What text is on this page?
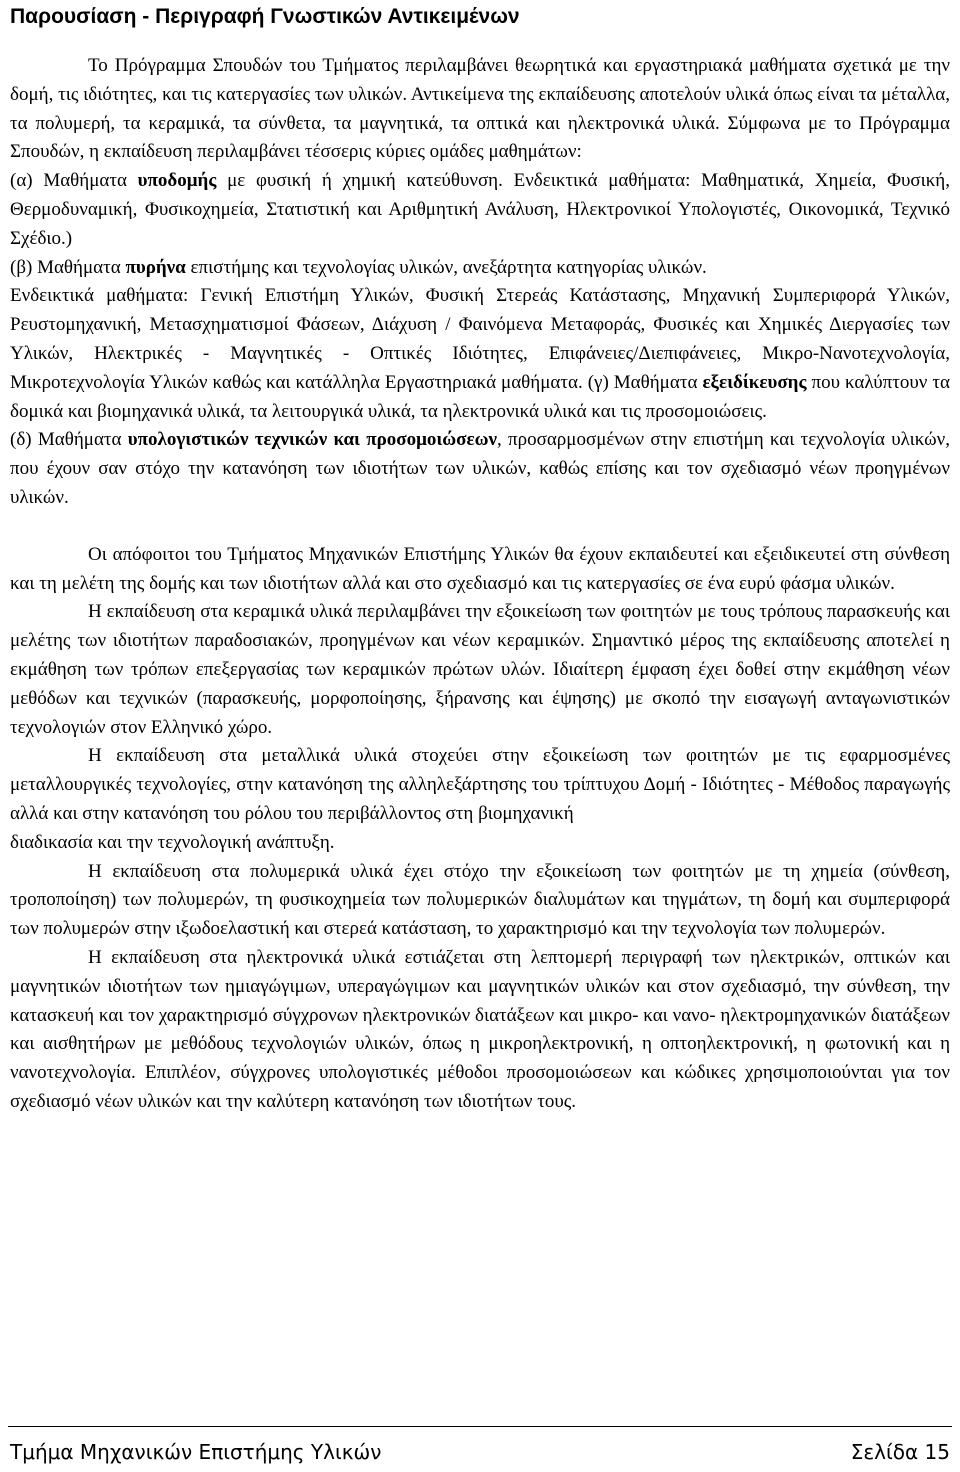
Παρουσίαση - Περιγραφή Γνωστικών Αντικειμένων

Το Πρόγραμμα Σπουδών του Τμήματος περιλαμβάνει θεωρητικά και εργαστηριακά μαθήματα σχετικά με την δομή, τις ιδιότητες, και τις κατεργασίες των υλικών. Αντικείμενα της εκπαίδευσης αποτελούν υλικά όπως είναι τα μέταλλα, τα πολυμερή, τα κεραμικά, τα σύνθετα, τα μαγνητικά, τα οπτικά και ηλεκτρονικά υλικά. Σύμφωνα με το Πρόγραμμα Σπουδών, η εκπαίδευση περιλαμβάνει τέσσερις κύριες ομάδες μαθημάτων:

(α) Μαθήματα υποδομής με φυσική ή χημική κατεύθυνση. Ενδεικτικά μαθήματα: Μαθηματικά, Χημεία, Φυσική, Θερμοδυναμική, Φυσικοχημεία, Στατιστική και Αριθμητική Ανάλυση, Ηλεκτρονικοί Υπολογιστές, Οικονομικά, Τεχνικό Σχέδιο.)

(β) Μαθήματα πυρήνα επιστήμης και τεχνολογίας υλικών, ανεξάρτητα κατηγορίας υλικών.

Ενδεικτικά μαθήματα: Γενική Επιστήμη Υλικών, Φυσική Στερεάς Κατάστασης, Μηχανική Συμπεριφορά Υλικών, Ρευστομηχανική, Μετασχηματισμοί Φάσεων, Διάχυση / Φαινόμενα Μεταφοράς, Φυσικές και Χημικές Διεργασίες των Υλικών, Ηλεκτρικές - Μαγνητικές - Οπτικές Ιδιότητες, Επιφάνειες/Διεπιφάνειες, Μικρο-Νανοτεχνολογία, Μικροτεχνολογία Υλικών καθώς και κατάλληλα Εργαστηριακά μαθήματα. (γ) Μαθήματα εξειδίκευσης που καλύπτουν τα δομικά και βιομηχανικά υλικά, τα λειτουργικά υλικά, τα ηλεκτρονικά υλικά και τις προσομοιώσεις.

(δ) Μαθήματα υπολογιστικών τεχνικών και προσομοιώσεων, προσαρμοσμένων στην επιστήμη και τεχνολογία υλικών, που έχουν σαν στόχο την κατανόηση των ιδιοτήτων των υλικών, καθώς επίσης και τον σχεδιασμό νέων προηγμένων υλικών.

Οι απόφοιτοι του Τμήματος Μηχανικών Επιστήμης Υλικών θα έχουν εκπαιδευτεί και εξειδικευτεί στη σύνθεση και τη μελέτη της δομής και των ιδιοτήτων αλλά και στο σχεδιασμό και τις κατεργασίες σε ένα ευρύ φάσμα υλικών.

Η εκπαίδευση στα κεραμικά υλικά περιλαμβάνει την εξοικείωση των φοιτητών με τους τρόπους παρασκευής και μελέτης των ιδιοτήτων παραδοσιακών, προηγμένων και νέων κεραμικών. Σημαντικό μέρος της εκπαίδευσης αποτελεί η εκμάθηση των τρόπων επεξεργασίας των κεραμικών πρώτων υλών. Ιδιαίτερη έμφαση έχει δοθεί στην εκμάθηση νέων μεθόδων και τεχνικών (παρασκευής, μορφοποίησης, ξήρανσης και έψησης) με σκοπό την εισαγωγή ανταγωνιστικών τεχνολογιών στον Ελληνικό χώρο.

Η εκπαίδευση στα μεταλλικά υλικά στοχεύει στην εξοικείωση των φοιτητών με τις εφαρμοσμένες μεταλλουργικές τεχνολογίες, στην κατανόηση της αλληλεξάρτησης του τρίπτυχου Δομή - Ιδιότητες - Μέθοδος παραγωγής αλλά και στην κατανόηση του ρόλου του περιβάλλοντος στη βιομηχανική

διαδικασία και την τεχνολογική ανάπτυξη.

Η εκπαίδευση στα πολυμερικά υλικά έχει στόχο την εξοικείωση των φοιτητών με τη χημεία (σύνθεση, τροποποίηση) των πολυμερών, τη φυσικοχημεία των πολυμερικών διαλυμάτων και τηγμάτων, τη δομή και συμπεριφορά των πολυμερών στην ιξωδοελαστική και στερεά κατάσταση, το χαρακτηρισμό και την τεχνολογία των πολυμερών.

Η εκπαίδευση στα ηλεκτρονικά υλικά εστιάζεται στη λεπτομερή περιγραφή των ηλεκτρικών, οπτικών και μαγνητικών ιδιοτήτων των ημιαγώγιμων, υπεραγώγιμων και μαγνητικών υλικών και στον σχεδιασμό, την σύνθεση, την κατασκευή και τον χαρακτηρισμό σύγχρονων ηλεκτρονικών διατάξεων και μικρο- και νανο- ηλεκτρομηχανικών διατάξεων και αισθητήρων με μεθόδους τεχνολογιών υλικών, όπως η μικροηλεκτρονική, η οπτοηλεκτρονική, η φωτονική και η νανοτεχνολογία. Επιπλέον, σύγχρονες υπολογιστικές μέθοδοι προσομοιώσεων και κώδικες χρησιμοποιούνται για τον σχεδιασμό νέων υλικών και την καλύτερη κατανόηση των ιδιοτήτων τους.

Τμήμα Μηχανικών Επιστήμης Υλικών	Σελίδα 15
